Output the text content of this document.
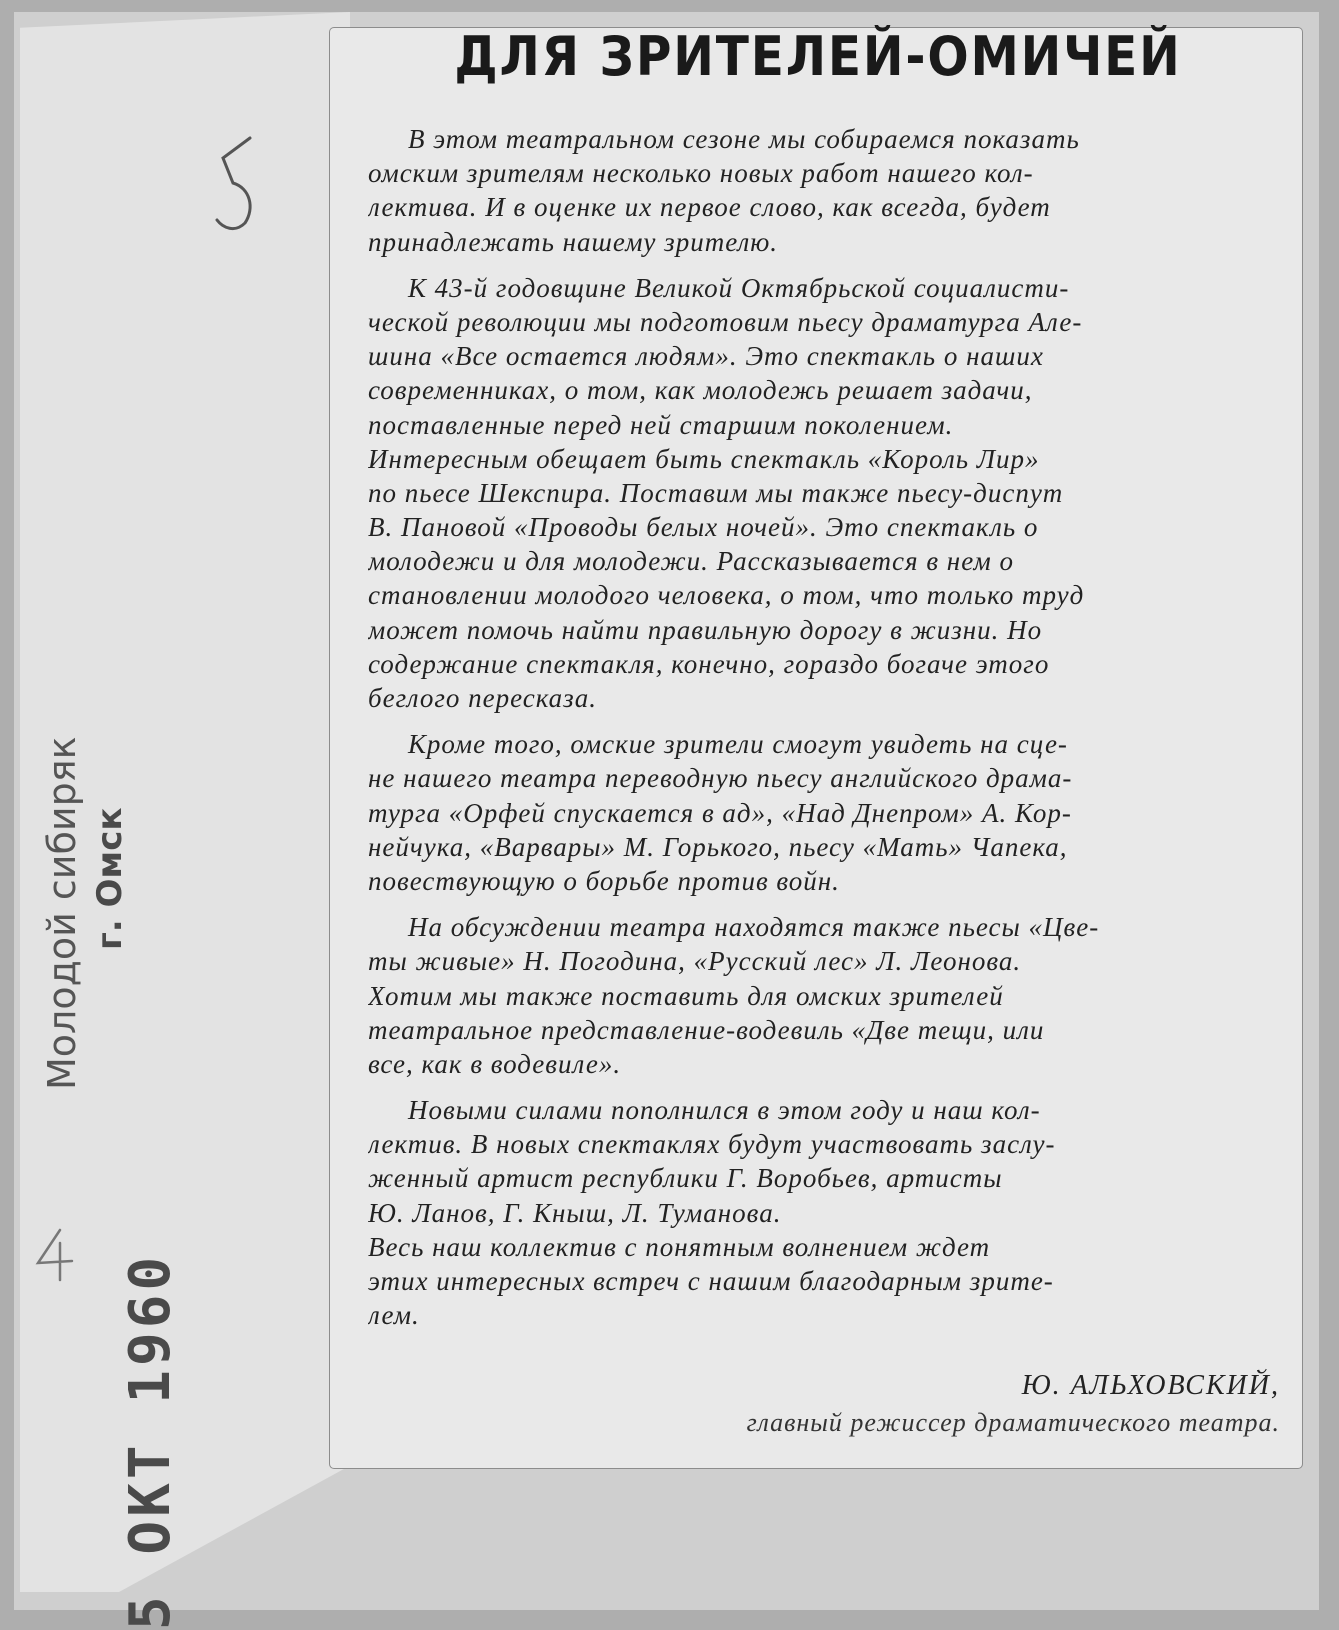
ДЛЯ ЗРИТЕЛЕЙ-ОМИЧЕЙ
В этом театральном сезоне мы собираемся показать
омским зрителям несколько новых работ нашего кол-
лектива. И в оценке их первое слово, как всегда, будет
принадлежать нашему зрителю.
К 43-й годовщине Великой Октябрьской социалисти-
ческой революции мы подготовим пьесу драматурга Але-
шина «Все остается людям». Это спектакль о наших
современниках, о том, как молодежь решает задачи,
поставленные перед ней старшим поколением.
Интересным обещает быть спектакль «Король Лир»
по пьесе Шекспира. Поставим мы также пьесу-диспут
В. Пановой «Проводы белых ночей». Это спектакль о
молодежи и для молодежи. Рассказывается в нем о
становлении молодого человека, о том, что только труд
может помочь найти правильную дорогу в жизни. Но
содержание спектакля, конечно, гораздо богаче этого
беглого пересказа.
Кроме того, омские зрители смогут увидеть на сце-
не нашего театра переводную пьесу английского драма-
турга «Орфей спускается в ад», «Над Днепром» А. Кор-
нейчука, «Варвары» М. Горького, пьесу «Мать» Чапека,
повествующую о борьбе против войн.
На обсуждении театра находятся также пьесы «Цве-
ты живые» Н. Погодина, «Русский лес» Л. Леонова.
Хотим мы также поставить для омских зрителей
театральное представление-водевиль «Две тещи, или
все, как в водевиле».
Новыми силами пополнился в этом году и наш кол-
лектив. В новых спектаклях будут участвовать заслу-
женный артист республики Г. Воробьев, артисты
Ю. Ланов, Г. Кныш, Л. Туманова.
Весь наш коллектив с понятным волнением ждет
этих интересных встреч с нашим благодарным зрите-
лем.
Ю. АЛЬХОВСКИЙ,
главный режиссер драматического театра.
Молодой сибиряк г. Омск
5 ОКТ 1960
